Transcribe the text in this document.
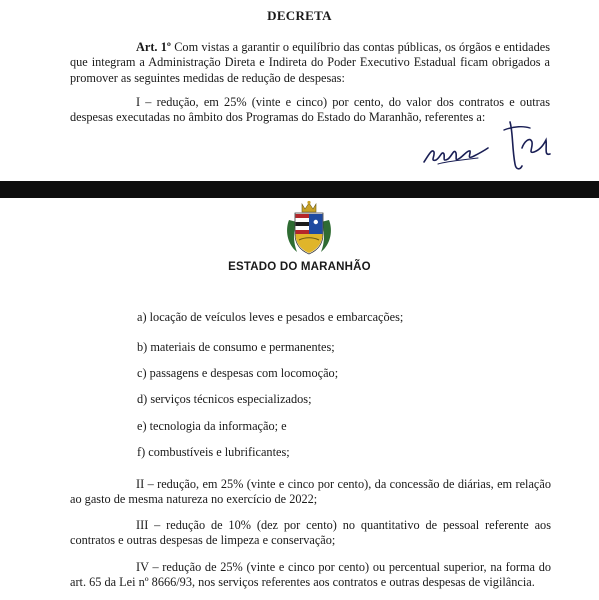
DECRETA
Art. 1º Com vistas a garantir o equilíbrio das contas públicas, os órgãos e entidades que integram a Administração Direta e Indireta do Poder Executivo Estadual ficam obrigados a promover as seguintes medidas de redução de despesas:
I – redução, em 25% (vinte e cinco) por cento, do valor dos contratos e outras despesas executadas no âmbito dos Programas do Estado do Maranhão, referentes a:
ESTADO DO MARANHÃO
a) locação de veículos leves e pesados e embarcações;
b) materiais de consumo e permanentes;
c) passagens e despesas com locomoção;
d) serviços técnicos especializados;
e) tecnologia da informação; e
f) combustíveis e lubrificantes;
II – redução, em 25% (vinte e cinco por cento), da concessão de diárias, em relação ao gasto de mesma natureza no exercício de 2022;
III – redução de 10% (dez por cento) no quantitativo de pessoal referente aos contratos e outras despesas de limpeza e conservação;
IV – redução de 25% (vinte e cinco por cento) ou percentual superior, na forma do art. 65 da Lei nº 8666/93, nos serviços referentes aos contratos e outras despesas de vigilância.
